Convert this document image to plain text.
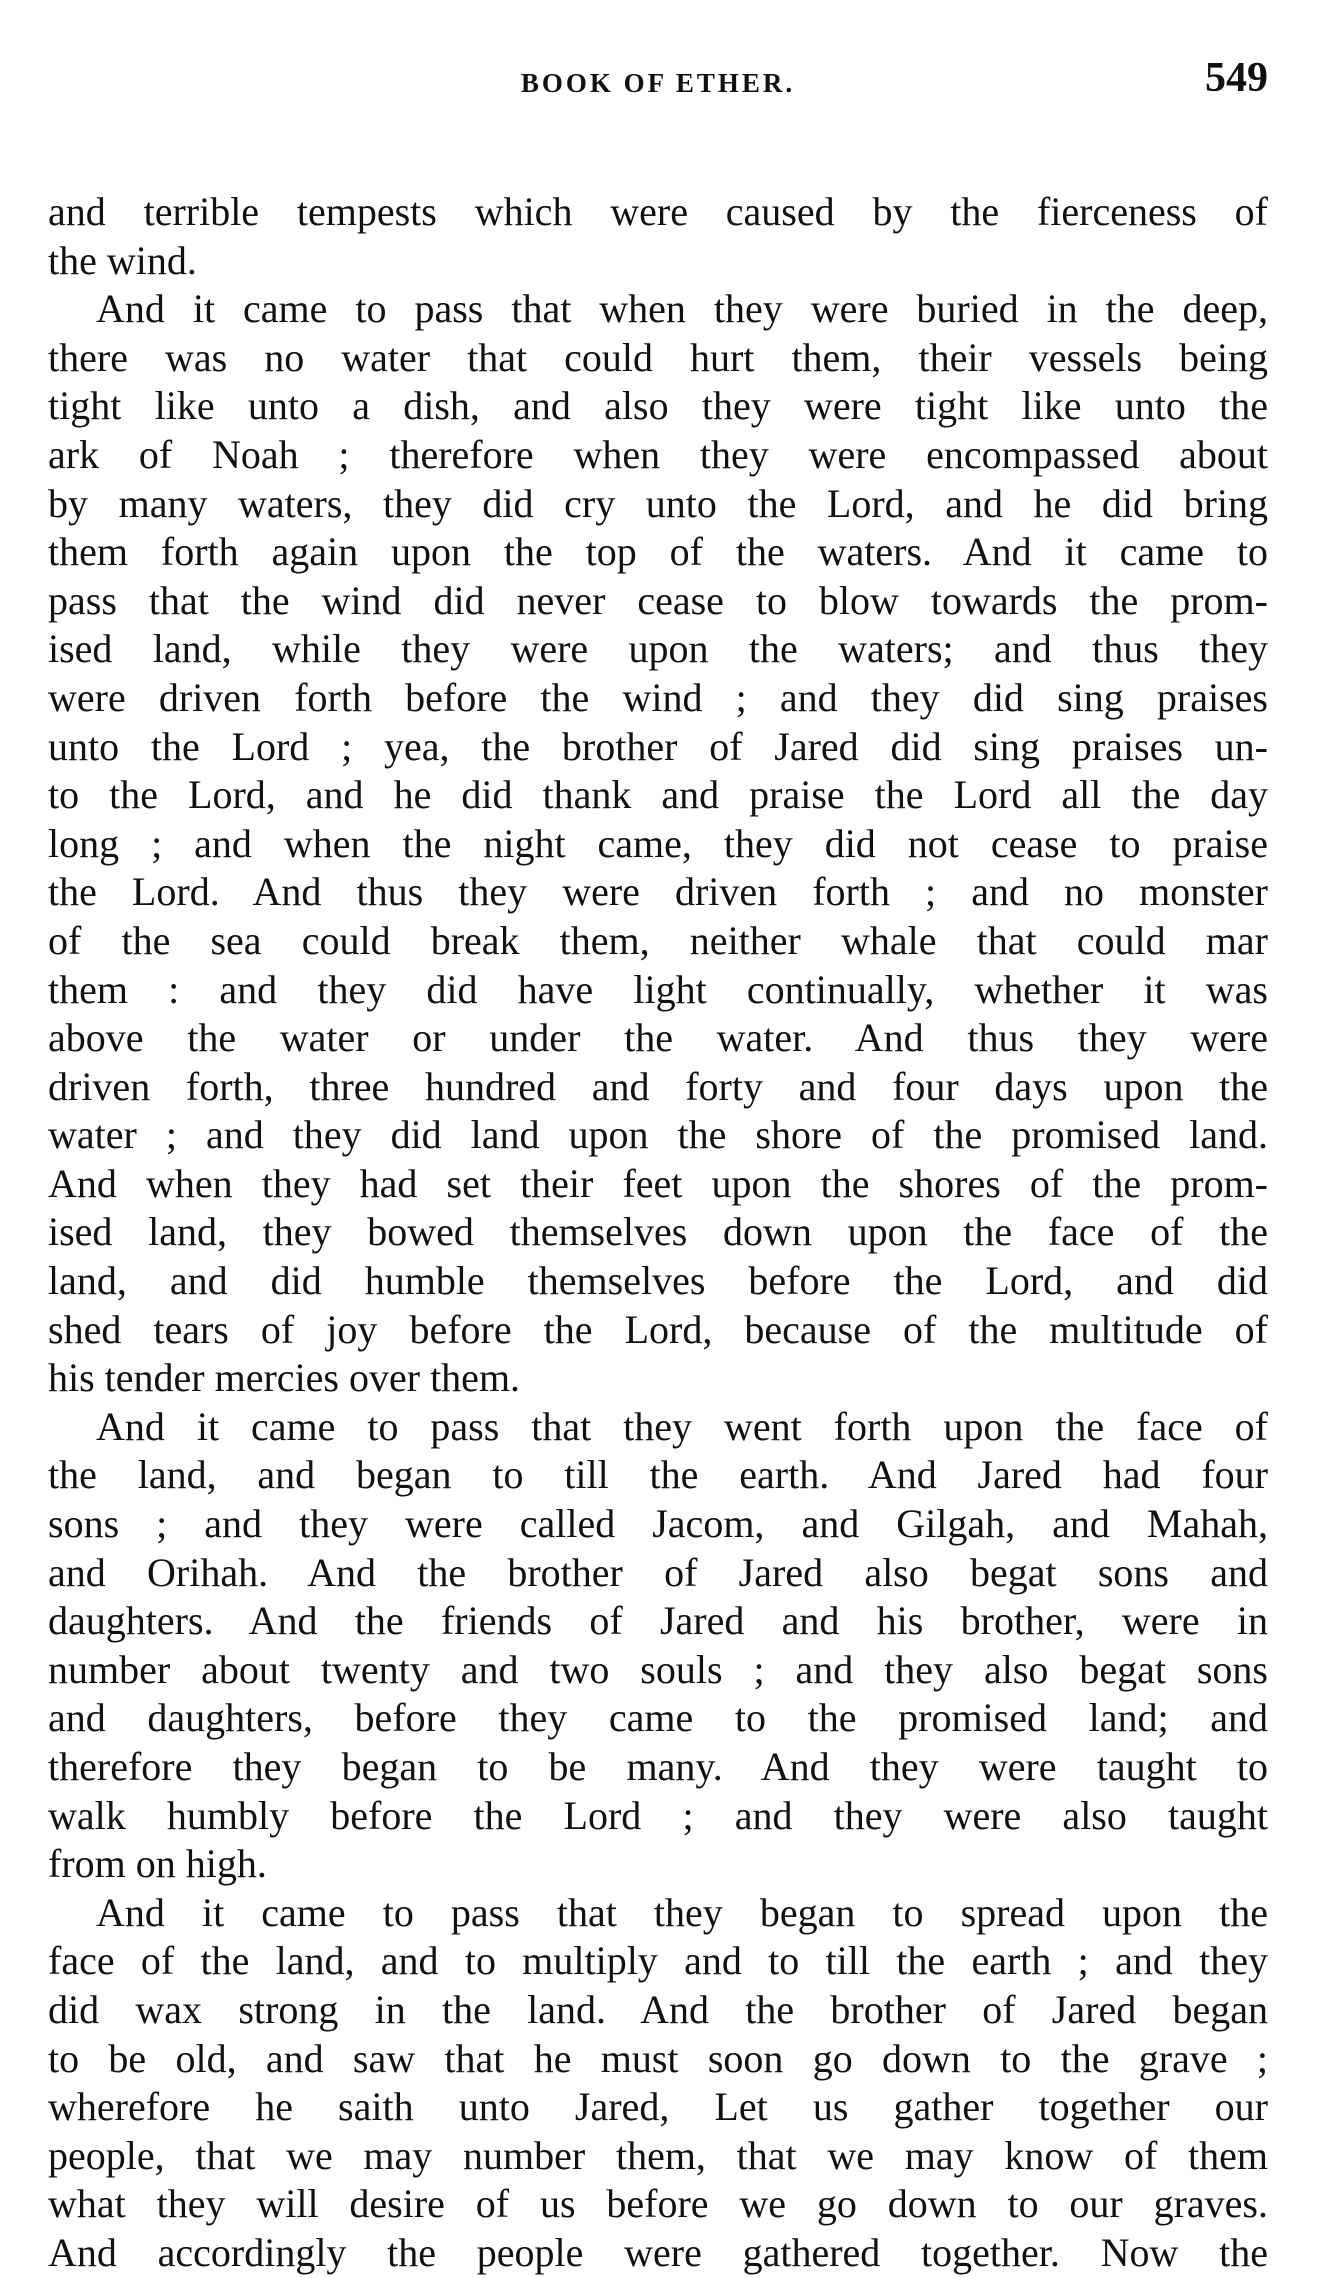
BOOK OF ETHER.	549
and terrible tempests which were caused by the fierceness of
the wind.
And it came to pass that when they were buried in the deep,
there was no water that could hurt them, their vessels being
tight like unto a dish, and also they were tight like unto the
ark of Noah ; therefore when they were encompassed about
by many waters, they did cry unto the Lord, and he did bring
them forth again upon the top of the waters. And it came to
pass that the wind did never cease to blow towards the prom-
ised land, while they were upon the waters; and thus they
were driven forth before the wind ; and they did sing praises
unto the Lord ; yea, the brother of Jared did sing praises un-
to the Lord, and he did thank and praise the Lord all the day
long ; and when the night came, they did not cease to praise
the Lord. And thus they were driven forth ; and no monster
of the sea could break them, neither whale that could mar
them : and they did have light continually, whether it was
above the water or under the water. And thus they were
driven forth, three hundred and forty and four days upon the
water ; and they did land upon the shore of the promised land.
And when they had set their feet upon the shores of the prom-
ised land, they bowed themselves down upon the face of the
land, and did humble themselves before the Lord, and did
shed tears of joy before the Lord, because of the multitude of
his tender mercies over them.
And it came to pass that they went forth upon the face of
the land, and began to till the earth. And Jared had four
sons ; and they were called Jacom, and Gilgah, and Mahah,
and Orihah. And the brother of Jared also begat sons and
daughters. And the friends of Jared and his brother, were in
number about twenty and two souls ; and they also begat sons
and daughters, before they came to the promised land; and
therefore they began to be many. And they were taught to
walk humbly before the Lord ; and they were also taught
from on high.
And it came to pass that they began to spread upon the
face of the land, and to multiply and to till the earth ; and they
did wax strong in the land. And the brother of Jared began
to be old, and saw that he must soon go down to the grave ;
wherefore he saith unto Jared, Let us gather together our
people, that we may number them, that we may know of them
what they will desire of us before we go down to our graves.
And accordingly the people were gathered together. Now the
